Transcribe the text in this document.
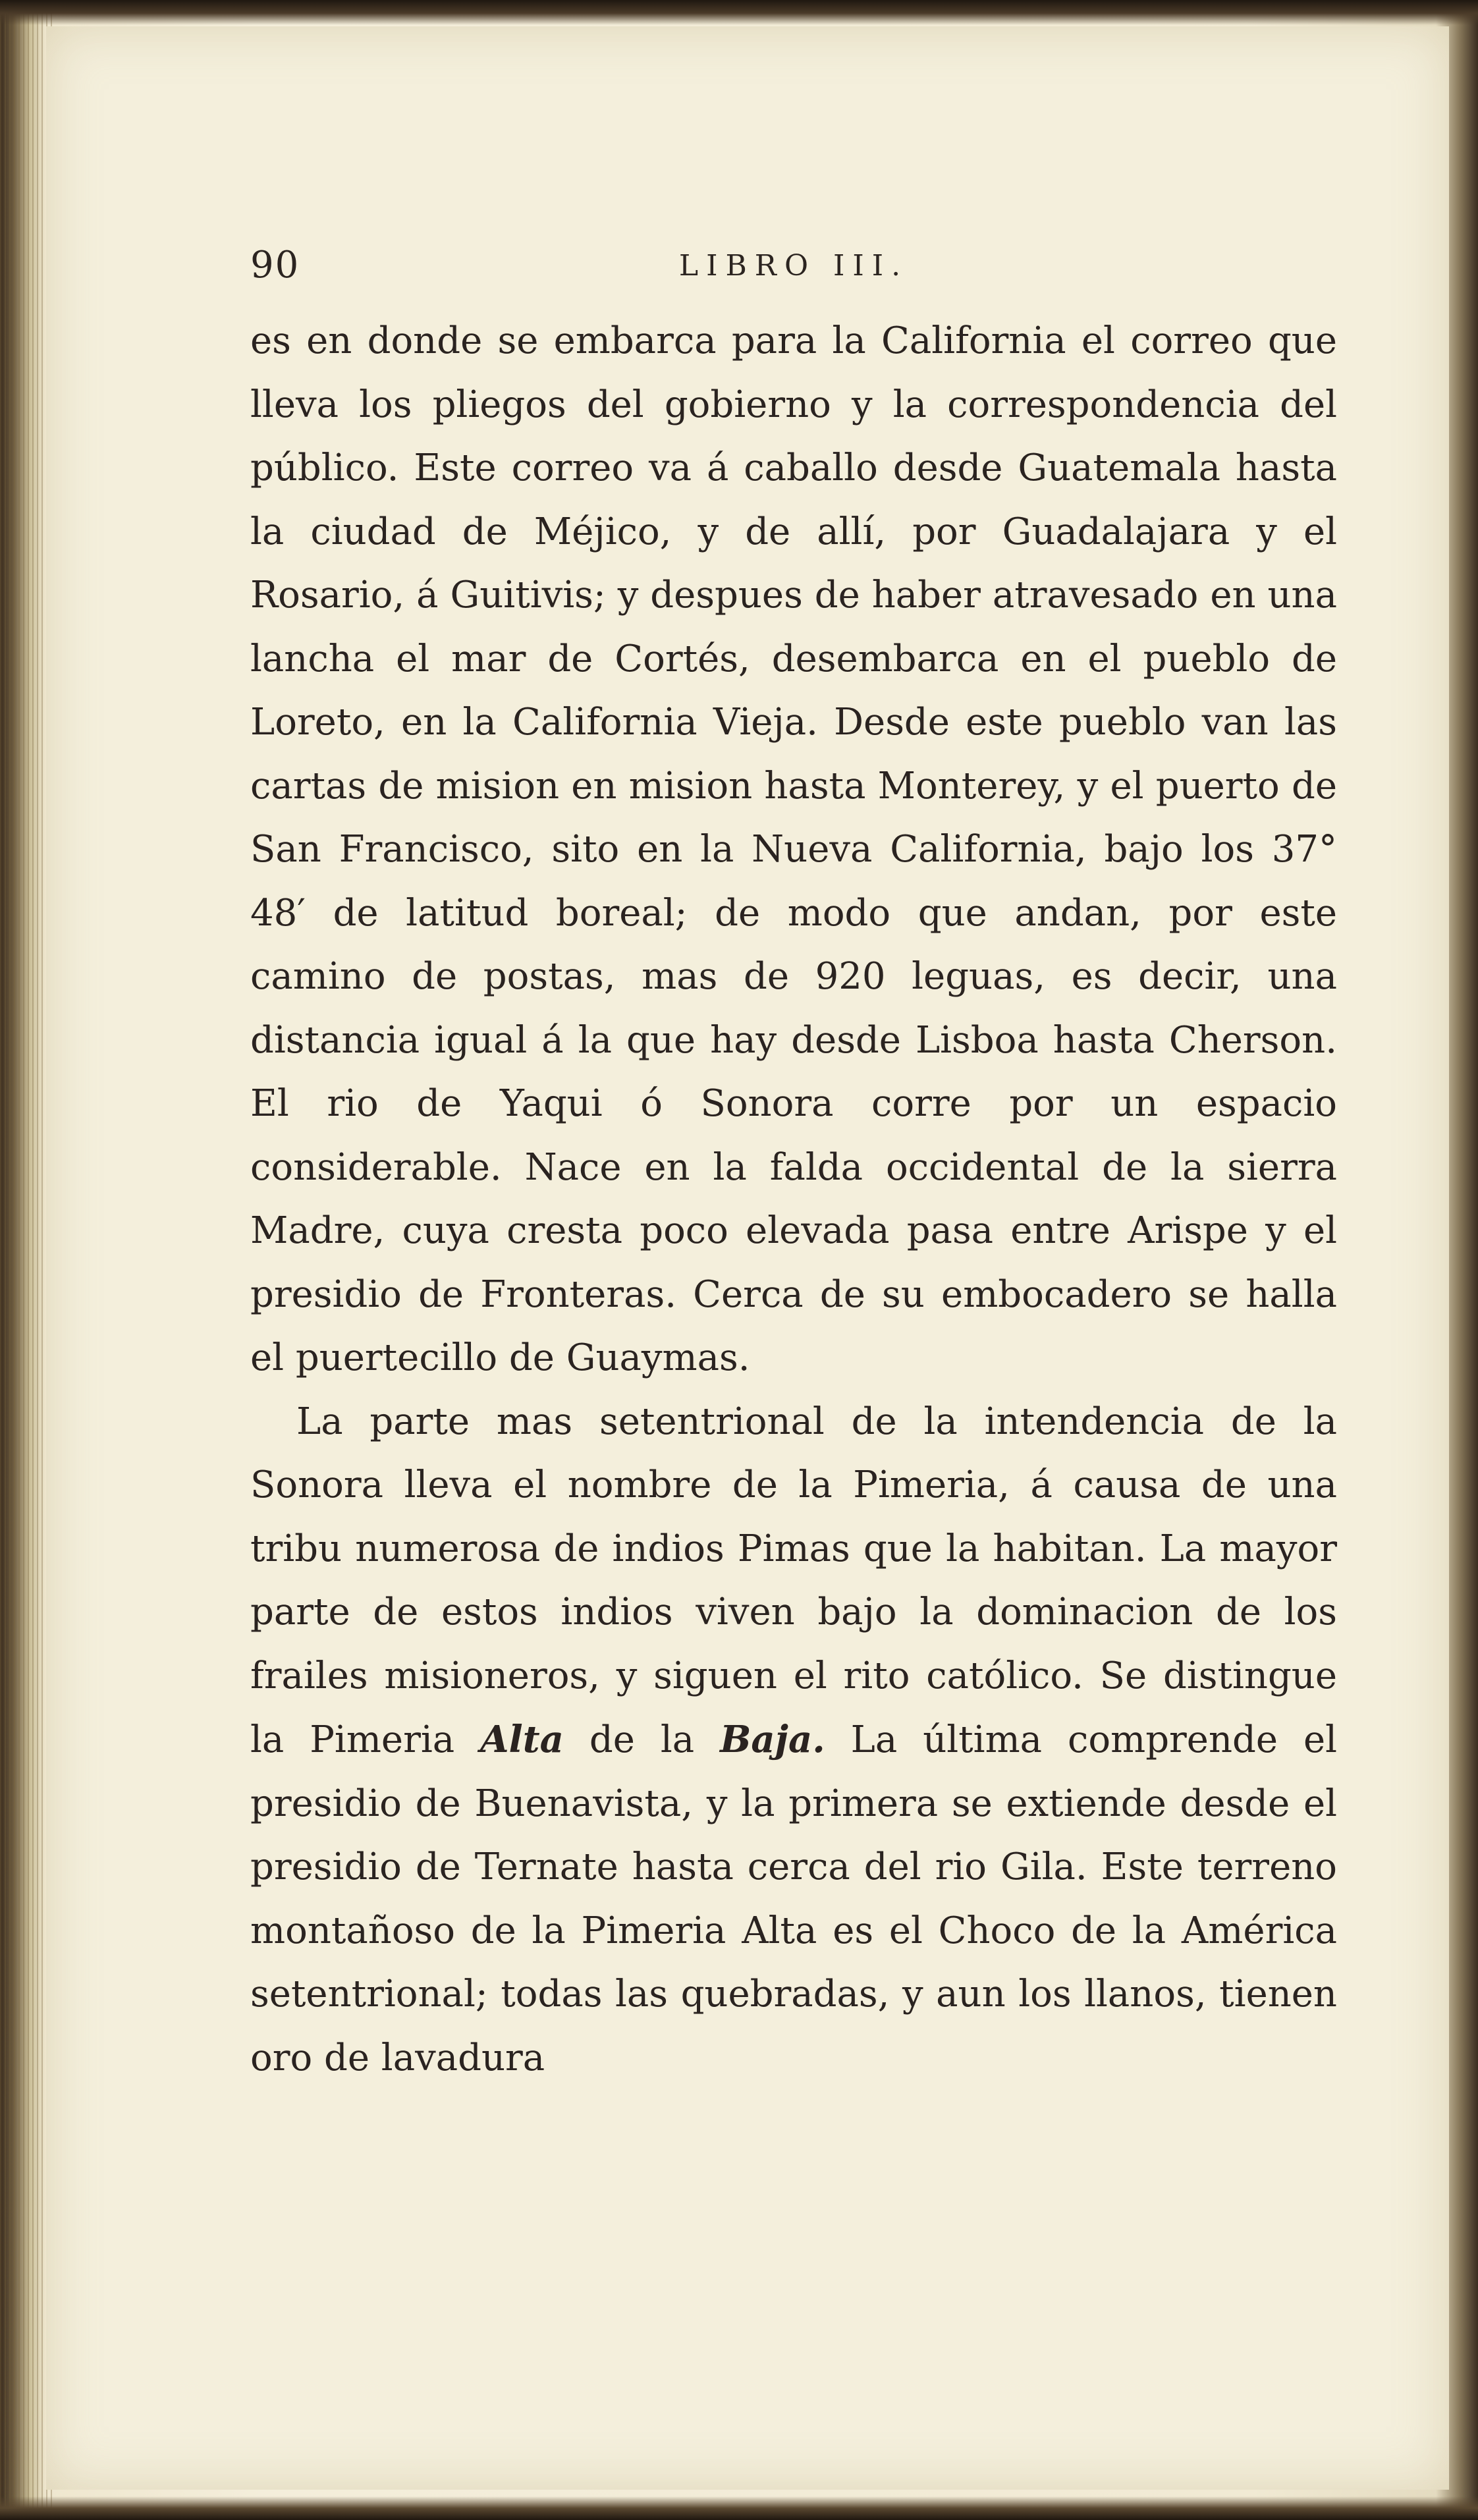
90	LIBRO III.

es en donde se embarca para la California el correo que lleva los pliegos del gobierno y la correspondencia del público. Este correo va á caballo desde Guatemala hasta la ciudad de Méjico, y de allí, por Guadalajara y el Rosario, á Guitivis; y despues de haber atravesado en una lancha el mar de Cortés, desembarca en el pueblo de Loreto, en la California Vieja. Desde este pueblo van las cartas de mision en mision hasta Monterey, y el puerto de San Francisco, sito en la Nueva California, bajo los 37° 48′ de latitud boreal; de modo que andan, por este camino de postas, mas de 920 leguas, es decir, una distancia igual á la que hay desde Lisboa hasta Cherson. El rio de Yaqui ó Sonora corre por un espacio considerable. Nace en la falda occidental de la sierra Madre, cuya cresta poco elevada pasa entre Arispe y el presidio de Fronteras. Cerca de su embocadero se halla el puertecillo de Guaymas.

La parte mas setentrional de la intendencia de la Sonora lleva el nombre de la Pimeria, á causa de una tribu numerosa de indios Pimas que la habitan. La mayor parte de estos indios viven bajo la dominacion de los frailes misioneros, y siguen el rito católico. Se distingue la Pimeria Alta de la Baja. La última comprende el presidio de Buenavista, y la primera se extiende desde el presidio de Ternate hasta cerca del rio Gila. Este terreno montañoso de la Pimeria Alta es el Choco de la América setentrional; todas las quebradas, y aun los llanos, tienen oro de lavadura
